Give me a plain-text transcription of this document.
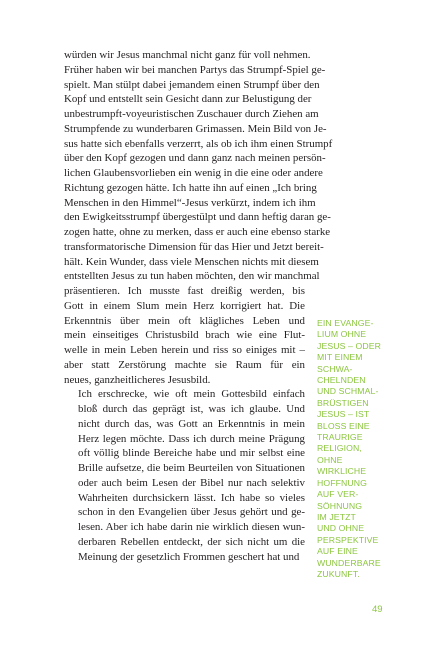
würden wir Jesus manchmal nicht ganz für voll nehmen.
Früher haben wir bei manchen Partys das Strumpf-Spiel ge-
spielt. Man stülpt dabei jemandem einen Strumpf über den
Kopf und entstellt sein Gesicht dann zur Belustigung der
unbestrumpft-voyeuristischen Zuschauer durch Ziehen am
Strumpfende zu wunderbaren Grimassen. Mein Bild von Je-
sus hatte sich ebenfalls verzerrt, als ob ich ihm einen Strumpf
über den Kopf gezogen und dann ganz nach meinen persön-
lichen Glaubensvorlieben ein wenig in die eine oder andere
Richtung gezogen hätte. Ich hatte ihn auf einen „Ich bring
Menschen in den Himmel“-Jesus verkürzt, indem ich ihm
den Ewigkeitsstrumpf übergestülpt und dann heftig daran ge-
zogen hatte, ohne zu merken, dass er auch eine ebenso starke
transformatorische Dimension für das Hier und Jetzt bereit-
hält. Kein Wunder, dass viele Menschen nichts mit diesem
entstellten Jesus zu tun haben möchten, den wir manchmal
präsentieren. Ich musste fast dreißig werden, bis
Gott in einem Slum mein Herz korrigiert hat. Die
Erkenntnis über mein oft klägliches Leben und
mein einseitiges Christusbild brach wie eine Flut-
welle in mein Leben herein und riss so einiges mit –
aber statt Zerstörung machte sie Raum für ein
neues, ganzheitlicheres Jesusbild.

Ich erschrecke, wie oft mein Gottesbild einfach
bloß durch das geprägt ist, was ich glaube. Und
nicht durch das, was Gott an Erkenntnis in mein
Herz legen möchte. Dass ich durch meine Prägung
oft völlig blinde Bereiche habe und mir selbst eine
Brille aufsetze, die beim Beurteilen von Situationen
oder auch beim Lesen der Bibel nur nach selektiv
Wahrheiten durchsickern lässt. Ich habe so vieles
schon in den Evangelien über Jesus gehört und ge-
lesen. Aber ich habe darin nie wirklich diesen wun-
derbaren Rebellen entdeckt, der sich nicht um die
Meinung der gesetzlich Frommen geschert hat und

EIN EVANGE-
LIUM OHNE
JESUS – ODER
MIT EINEM
SCHWA-
CHELNDEN
UND SCHMAL-
BRÜSTIGEN
JESUS – IST
BLOSS EINE
TRAURIGE
RELIGION,
OHNE
WIRKLICHE
HOFFNUNG
AUF VER-
SÖHNUNG
IM JETZT
UND OHNE
PERSPEKTIVE
AUF EINE
WUNDERBARE
ZUKUNFT.
49
